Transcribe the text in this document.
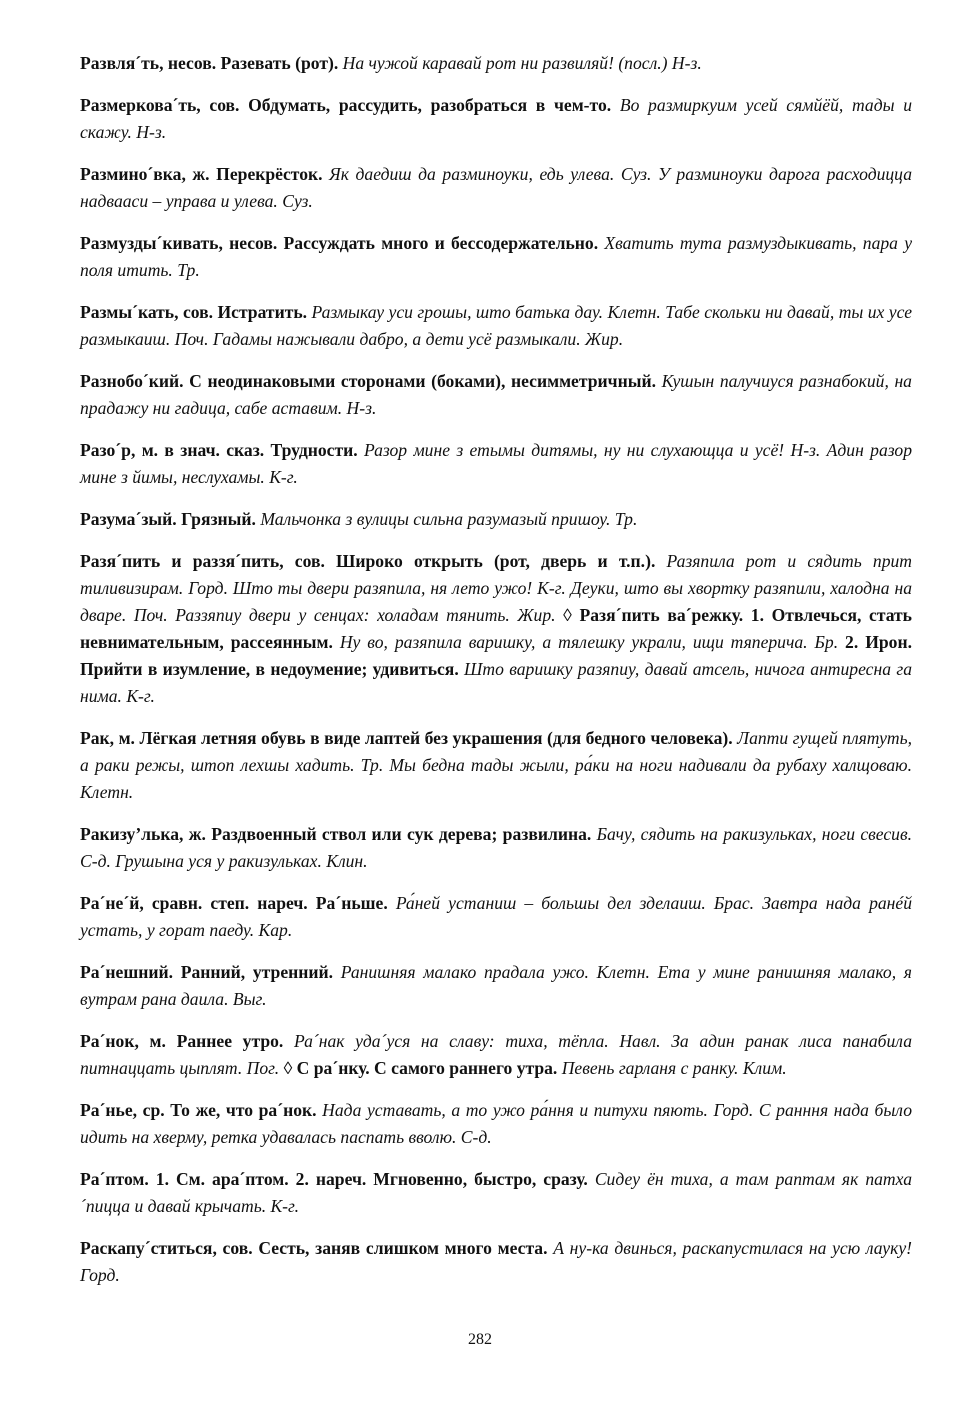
Развля´ть, несов. Разевать (рот). На чужой каравай рот ни развиляй! (посл.) Н-з.

Размеркова´ть, сов. Обдумать, рассудить, разобраться в чем-то. Во размиркуим усей сямйёй, тады и скажу. Н-з.

Размино´вка, ж. Перекрёсток. Як даедиш да разминоуки, едь улева. Суз. У разминоуки дарога расходицца надвааси – управа и улева. Суз.

Размузды´кивать, несов. Рассуждать много и бессодержательно. Хватить тута размуздыкивать, пара у поля итить. Тр.

Размы´кать, сов. Истратить. Размыкау уси грошы, што батька дау. Клетн. Табе скольки ни давай, ты их усе размыкаиш. Поч. Гадамы нажывали дабро, а дети усё размыкали. Жир.

Разнобо´кий. С неодинаковыми сторонами (боками), несимметричный. Кушын палучиуся разнабокий, на прадажу ни гадица, сабе аставим. Н-з.

Разо´р, м. в знач. сказ. Трудности. Разор мине з етымы дитямы, ну ни слухающца и усё! Н-з. Адин разор мине з йимы, неслухамы. К-г.

Разума´зый. Грязный. Мальчонка з вулицы сильна разумазый пришоу. Тр.

Разя´пить и раззя´пить, сов. Широко открыть (рот, дверь и т.п.). Разяпила рот и сядить прит тиливизирам. Горд. Што ты двери разяпила, ня лето ужо! К-г. Деуки, што вы хвортку разяпили, халодна на дваре. Поч. Раззяпиу двери у сенцах: холадам тянить. Жир. ◊ Разя´пить ва´режку. 1. Отвлечься, стать невнимательным, рассеянным. Ну во, разяпила варишку, а тялешку украли, ищи тяперича. Бр. 2. Ирон. Прийти в изумление, в недоумение; удивиться. Што варишку разяпиу, давай атсель, ничога антиресна га нима. К-г.

Рак, м. Лёгкая летняя обувь в виде лаптей без украшения (для бедного человека). Лапти гущей плятуть, а раки режы, штоп лехшы хадить. Тр. Мы бедна тады жыли, ра́ки на ноги надивали да рубаху халщоваю. Клетн.

Ракизу’лька, ж. Раздвоенный ствол или сук дерева; развилина. Бачу, сядить на ракизульках, ноги свесив. С-д. Грушына уся у ракизульках. Клин.

Ра´не´й, сравн. степ. нареч. Ра´ньше. Ра́ней устаниш – большы дел зделаиш. Брас. Завтра нада ранéй устать, у горат паеду. Кар.

Ра´нешний. Ранний, утренний. Ранишняя малако прадала ужо. Клетн. Ета у мине ранишняя малако, я вутрам рана даила. Выг.

Ра´нок, м. Раннее утро. Ра´нак уда´уся на славу: тиха, тёпла. Навл. За адин ранак лиса панабила питнаццать цыплят. Пог. ◊ С ра´нку. С самого раннего утра. Певень гарланя с ранку. Клим.

Ра´нье, ср. То же, что ра´нок. Нада уставать, а то ужо ра́ння и питухи пяють. Горд. С ранння нада было идить на хверму, ретка удавалась паспать вволю. С-д.

Ра´птом. 1. См. ара´птом. 2. нареч. Мгновенно, быстро, сразу. Сидеу ён тиха, а там раптам як патха´пицца и давай крычать. К-г.

Раскапу´ститься, сов. Сесть, заняв слишком много места. А ну-ка двинься, раскапустилася на усю лауку! Горд.

282
